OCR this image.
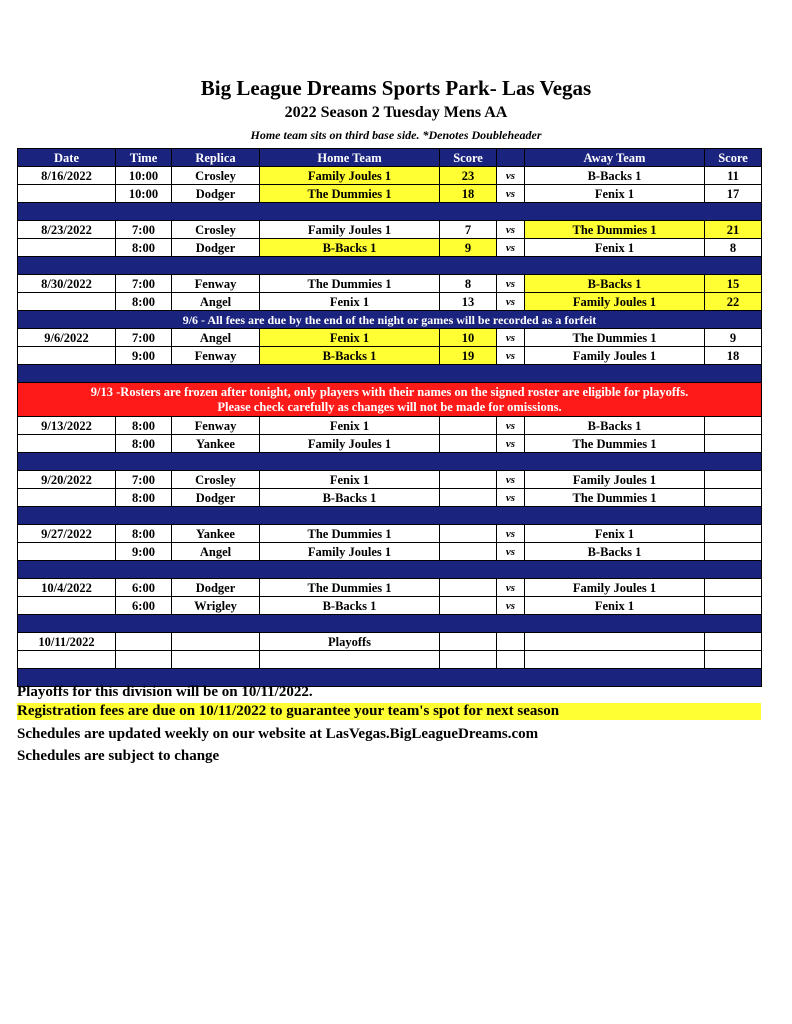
Big League Dreams Sports Park- Las Vegas
2022 Season 2 Tuesday Mens AA
Home team sits on third base side. *Denotes Doubleheader
Date	Time	Replica	Home Team	Score		Away Team	Score
8/16/2022	10:00	Crosley	Family Joules 1	23	vs	B-Backs 1	11
	10:00	Dodger	The Dummies 1	18	vs	Fenix 1	17

8/23/2022	7:00	Crosley	Family Joules 1	7	vs	The Dummies 1	21
	8:00	Dodger	B-Backs 1	9	vs	Fenix 1	8

8/30/2022	7:00	Fenway	The Dummies 1	8	vs	B-Backs 1	15
	8:00	Angel	Fenix 1	13	vs	Family Joules 1	22
9/6 - All fees are due by the end of the night or games will be recorded as a forfeit							
9/6/2022	7:00	Angel	Fenix 1	10	vs	The Dummies 1	9
	9:00	Fenway	B-Backs 1	19	vs	Family Joules 1	18

9/13 -Rosters are frozen after tonight, only players with their names on the signed roster are eligible for playoffs.
Please check carefully as changes will not be made for omissions.							

9/13/2022	8:00	Fenway	Fenix 1		vs	B-Backs 1	
	8:00	Yankee	Family Joules 1		vs	The Dummies 1	

9/20/2022	7:00	Crosley	Fenix 1		vs	Family Joules 1	
	8:00	Dodger	B-Backs 1		vs	The Dummies 1	

9/27/2022	8:00	Yankee	The Dummies 1		vs	Fenix 1	
	9:00	Angel	Family Joules 1		vs	B-Backs 1	

10/4/2022	6:00	Dodger	The Dummies 1		vs	Family Joules 1	
	6:00	Wrigley	B-Backs 1		vs	Fenix 1	

10/11/2022			Playoffs				

Playoffs for this division will be on 10/11/2022.
Registration fees are due on 10/11/2022 to guarantee your team's spot for next season
Schedules are updated weekly on our website at LasVegas.BigLeagueDreams.com
Schedules are subject to change
